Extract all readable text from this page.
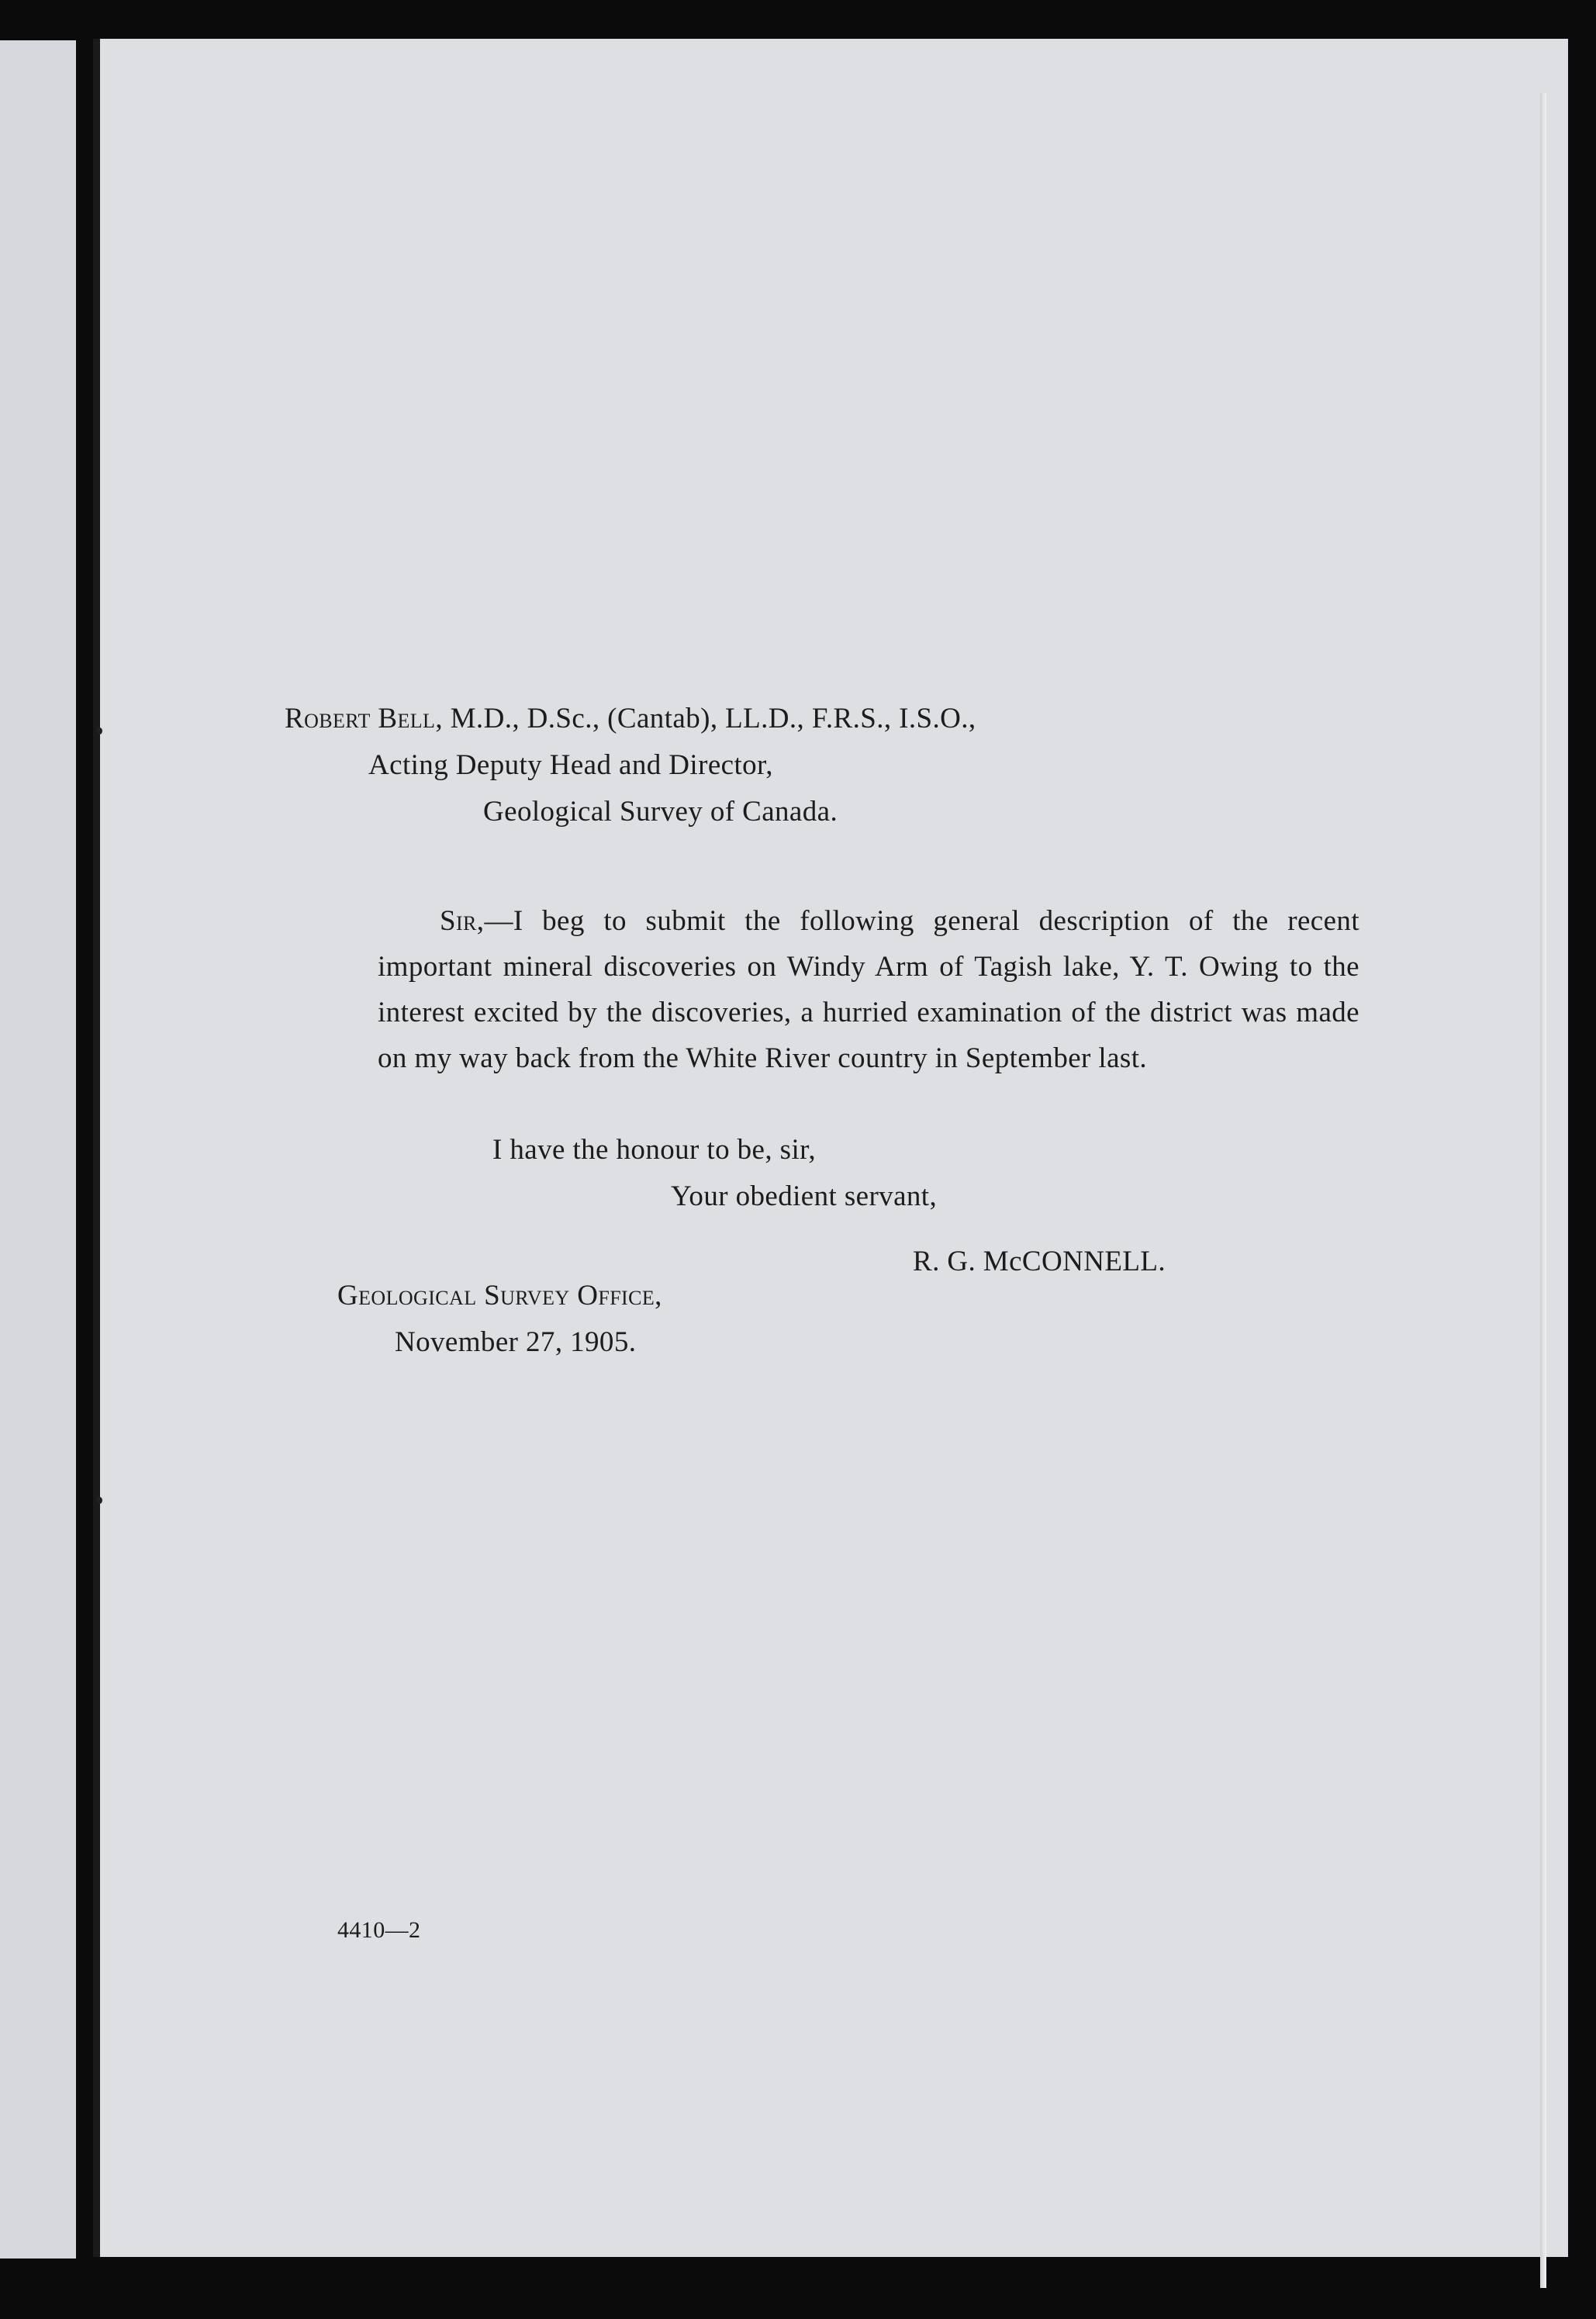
Robert Bell, M.D., D.Sc., (Cantab), LL.D., F.R.S., I.S.O.,
Acting Deputy Head and Director,
Geological Survey of Canada.
Sir,—I beg to submit the following general description of the recent important mineral discoveries on Windy Arm of Tagish lake, Y. T. Owing to the interest excited by the discoveries, a hurried examination of the district was made on my way back from the White River country in September last.
I have the honour to be, sir,
Your obedient servant,
R. G. McCONNELL.
Geological Survey Office,
November 27, 1905.
4410—2
